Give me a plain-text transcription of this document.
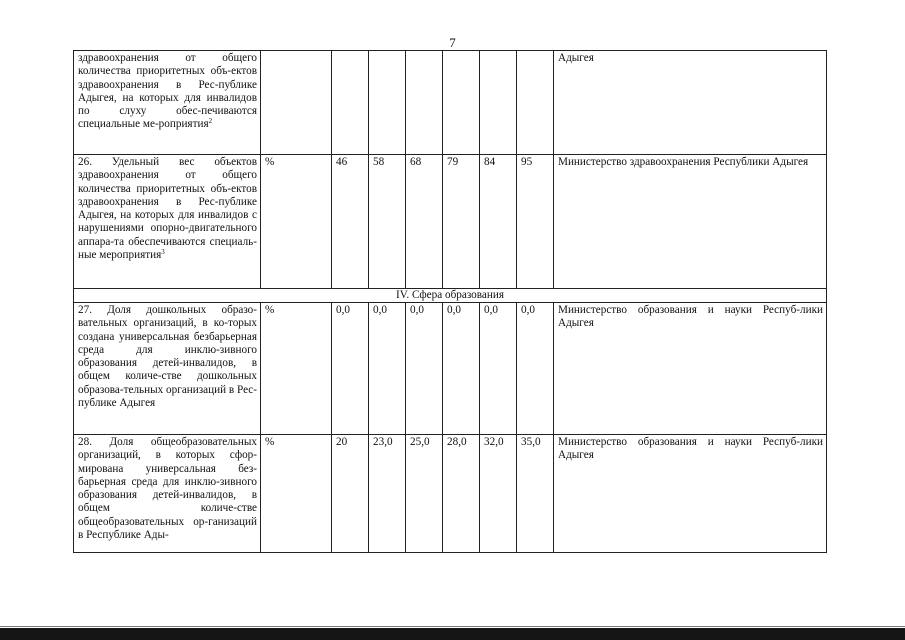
7
здравоохранения от общего количества приоритетных объ-ектов здравоохранения в Рес-публике Адыгея, на которых для инвалидов по слуху обес-печиваются специальные ме-роприятия$^2$								Адыгея
26. Удельный вес объектов здравоохранения от общего количества приоритетных объ-ектов здравоохранения в Рес-публике Адыгея, на которых для инвалидов с нарушениями опорно-двигательного аппара-та обеспечиваются специаль-ные мероприятия$^3$	%	46	58	68	79	84	95	Министерство здравоохранения Республики Адыгея
IV. Сфера образования								
27. Доля дошкольных образо-вательных организаций, в ко-торых создана универсальная безбарьерная среда для инклю-зивного образования детей-инвалидов, в общем количе-стве дошкольных образова-тельных организаций в Рес-публике Адыгея	%	0,0	0,0	0,0	0,0	0,0	0,0	Министерство образования и науки Респуб-лики Адыгея
28. Доля общеобразовательных организаций, в которых сфор-мирована универсальная без-барьерная среда для инклю-зивного образования детей-инвалидов, в общем количе-стве общеобразовательных ор-ганизаций в Республике Ады-	%	20	23,0	25,0	28,0	32,0	35,0	Министерство образования и науки Респуб-лики Адыгея
